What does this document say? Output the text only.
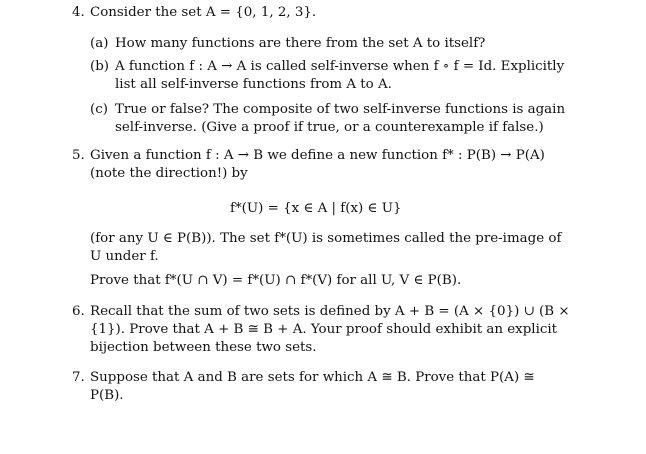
4. Consider the set A = {0, 1, 2, 3}.
(a) How many functions are there from the set A to itself?
(b) A function f : A → A is called self-inverse when f ∘ f = Id. Explicitly list all self-inverse functions from A to A.
(c) True or false? The composite of two self-inverse functions is again self-inverse. (Give a proof if true, or a counterexample if false.)
5. Given a function f : A → B we define a new function f* : P(B) → P(A) (note the direction!) by
f*(U) = {x ∈ A | f(x) ∈ U}
(for any U ∈ P(B)). The set f*(U) is sometimes called the pre-image of U under f.
Prove that f*(U ∩ V) = f*(U) ∩ f*(V) for all U, V ∈ P(B).
6. Recall that the sum of two sets is defined by A + B = (A × {0}) ∪ (B × {1}). Prove that A + B ≅ B + A. Your proof should exhibit an explicit bijection between these two sets.
7. Suppose that A and B are sets for which A ≅ B. Prove that P(A) ≅ P(B).
